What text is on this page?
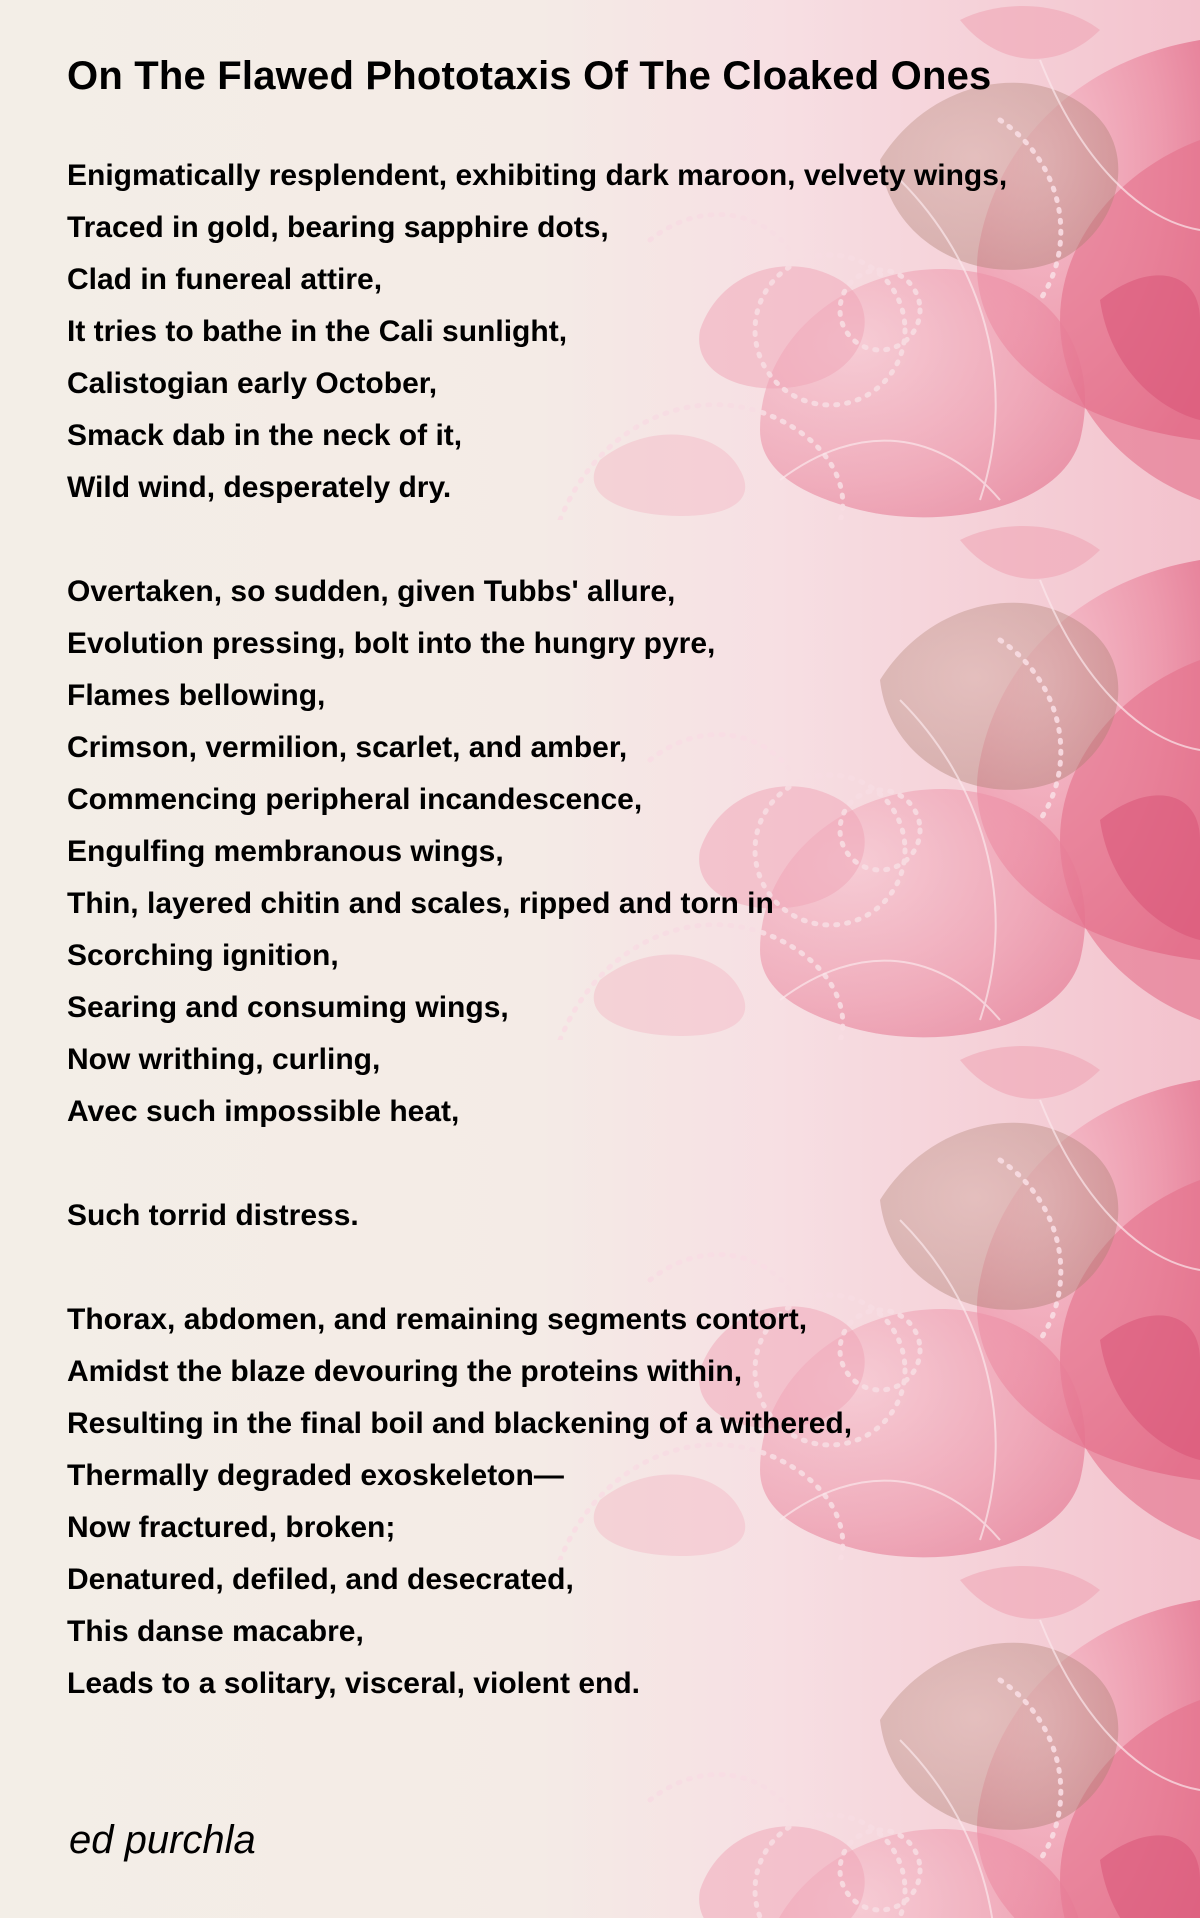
On The Flawed Phototaxis Of The Cloaked Ones
Enigmatically resplendent, exhibiting dark maroon, velvety wings,
Traced in gold, bearing sapphire dots,
Clad in funereal attire,
It tries to bathe in the Cali sunlight,
Calistogian early October,
Smack dab in the neck of it,
Wild wind, desperately dry.
Overtaken, so sudden, given Tubbs' allure,
Evolution pressing, bolt into the hungry pyre,
Flames bellowing,
Crimson, vermilion, scarlet, and amber,
Commencing peripheral incandescence,
Engulfing membranous wings,
Thin, layered chitin and scales, ripped and torn in
Scorching ignition,
Searing and consuming wings,
Now writhing, curling,
Avec such impossible heat,
Such torrid distress.
Thorax, abdomen, and remaining segments contort,
Amidst the blaze devouring the proteins within,
Resulting in the final boil and blackening of a withered,
Thermally degraded exoskeleton—
Now fractured, broken;
Denatured, defiled, and desecrated,
This danse macabre,
Leads to a solitary, visceral, violent end.
ed purchla
